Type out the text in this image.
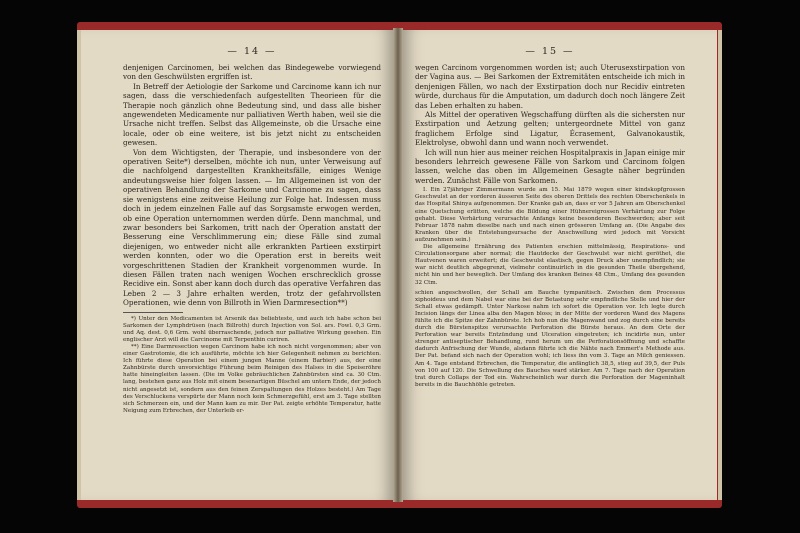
— 14 —

denjenigen Carcinomen, bei welchen das Bindegewebe vorwiegend von den Geschwülsten ergriffen ist.

In Betreff der Aetiologie der Sarkome und Carcinome kann ich nur sagen, dass die verschiedenfach aufgestellten Theorieen für die Therapie noch gänzlich ohne Bedeutung sind, und dass alle bisher angewendeten Medicamente nur palliativen Werth haben, weil sie die Ursache nicht treffen. Selbst das Allgemeinste, ob die Ursache eine locale, oder ob eine weitere, ist bis jetzt nicht zu entscheiden gewesen.

Von dem Wichtigsten, der Therapie, und insbesondere von der operativen Seite*) derselben, möchte ich nun, unter Verweisung auf die nachfolgend dargestellten Krankheitsfälle, einiges Wenige andeutungsweise hier folgen lassen. — Im Allgemeinen ist von der operativen Behandlung der Sarkome und Carcinome zu sagen, dass sie wenigstens eine zeitweise Heilung zur Folge hat. Indessen muss doch in jedem einzelnen Falle auf das Sorgsamste erwogen werden, ob eine Operation unternommen werden dürfe. Denn manchmal, und zwar besonders bei Sarkomen, tritt nach der Operation anstatt der Besserung eine Verschlimmerung ein; diese Fälle sind zumal diejenigen, wo entweder nicht alle erkrankten Partieen exstirpirt werden konnten, oder wo die Operation erst in bereits weit vorgeschrittenen Stadien der Krankheit vorgenommen wurde. In diesen Fällen traten nach wenigen Wochen erschrecklich grosse Recidive ein. Sonst aber kann doch durch das operative Verfahren das Leben 2 — 3 Jahre erhalten werden, trotz der gefahrvollsten Operationen, wie denn von Billroth in Wien Darmresection**)

*) Unter den Medicamenten ist Arsenik das beliebteste, und auch ich habe schon bei Sarkomen der Lymphdrüsen (nach Billroth) durch Injection von Sol. ars. Fowl. 0,3 Grm. und Aq. dest. 0,6 Grm. wohl überraschende, jedoch nur palliative Wirkung gesehen. Ein englischer Arzt will die Carcinome mit Terpenthin curiren.

**) Eine Darmresection wegen Carcinom habe ich noch nicht vorgenommen; aber von einer Gastrotomie, die ich ausführte, möchte ich hier Gelegenheit nehmen zu berichten. Ich führte diese Operation bei einem jungen Manne (einem Barbier) aus, der eine Zahnbürste durch unvorsichtige Führung beim Reinigen des Halses in die Speiseröhre hatte hineingleiten lassen. (Die im Volke gebräuchlichen Zahnbürsten sind ca. 30 Ctm. lang, bestehen ganz aus Holz mit einem besenartigen Büschel am untern Ende, der jedoch nicht angesetzt ist, sondern aus den feinen Zerspaltungen des Holzes besteht.) Am Tage des Verschluckens verspürte der Mann noch kein Schmerzgefühl, erst am 3. Tage stellten sich Schmerzen ein, und der Mann kam zu mir. Der Pat. zeigte erhöhte Temperatur, hatte Neigung zum Erbrechen, der Unterleib er-

— 15 —

wegen Carcinom vorgenommen worden ist; auch Uterusexstirpation von der Vagina aus. — Bei Sarkomen der Extremitäten entscheide ich mich in denjenigen Fällen, wo nach der Exstirpation doch nur Recidiv eintreten würde, durchaus für die Amputation, um dadurch doch noch längere Zeit das Leben erhalten zu haben.

Als Mittel der operativen Wegschaffung dürften als die sichersten nur Exstirpation und Aetzung gelten; untergeordnete Mittel von ganz fraglichem Erfolge sind Ligatur, Écrasement, Galvanokaustik, Elektrolyse, obwohl dann und wann noch verwendet.

Ich will nun hier aus meiner reichen Hospitalpraxis in Japan einige mir besonders lehrreich gewesene Fälle von Sarkom und Carcinom folgen lassen, welche das oben im Allgemeinen Gesagte näher begründen werden. Zunächst Fälle von Sarkomen.

I. Ein 27jähriger Zimmermann wurde am 15. Mai 1879 wegen einer kindskopfgrossen Geschwulst an der vorderen äusseren Seite des oberen Drittels des rechten Oberschenkels in das Hospital Shinya aufgenommen. Der Kranke gab an, dass er vor 5 Jahren am Oberschenkel eine Quetschung erlitten, welche die Bildung einer Hühnereigrossen Verhärtung zur Folge gehabt. Diese Verhärtung verursachte Anfangs keine besonderen Beschwerden; aber seit Februar 1878 nahm dieselbe nach und nach einen grösseren Umfang an. (Die Angabe des Kranken über die Entstehungsursache der Anschwellung wird jedoch mit Vorsicht aufzunehmen sein.)

Die allgemeine Ernährung des Patienten erschien mittelmässig, Respirations- und Circulationsorgane aber normal; die Hautdecke der Geschwulst war nicht geröthet, die Hautvenen waren erweitert; die Geschwulst elastisch, gegen Druck aber unempfindlich; sie war nicht deutlich abgegrenzt, vielmehr continuirlich in die gesunden Theile übergehend, nicht hin und her beweglich. Der Umfang des kranken Beines 48 Ctm., Umfang des gesunden 32 Ctm.

schien angeschwollen, der Schall am Bauche tympanitisch. Zwischen dem Processus xiphoideus und dem Nabel war eine bei der Betastung sehr empfindliche Stelle und hier der Schall etwas gedämpft. Unter Narkose nahm ich sofort die Operation vor. Ich legte durch Incision längs der Linea alba den Magen bloss; in der Mitte der vorderen Wand des Magens fühlte ich die Spitze der Zahnbürste. Ich hob nun die Magenwand und zog durch eine bereits durch die Bürstenspitze verursachte Perforation die Bürste heraus. An dem Orte der Perforation war bereits Entzündung und Ulceration eingetreten; ich incidirte nun, unter strenger antiseptischer Behandlung, rund herum um die Perforationsöffnung und schaffte dadurch Anfrischung der Wunde, alsdann führte ich die Nähte nach Emmert's Methode aus. Der Pat. befand sich nach der Operation wohl; ich liess ihn vom 3. Tage an Milch geniessen. Am 4. Tage entstand Erbrechen, die Temperatur, die anfänglich 38,5, stieg auf 39,5, der Puls von 100 auf 120. Die Schwellung des Bauches ward stärker. Am 7. Tage nach der Operation trat durch Collaps der Tod ein. Wahrscheinlich war durch die Perforation der Mageninhalt bereits in die Bauchhöhle getreten.
